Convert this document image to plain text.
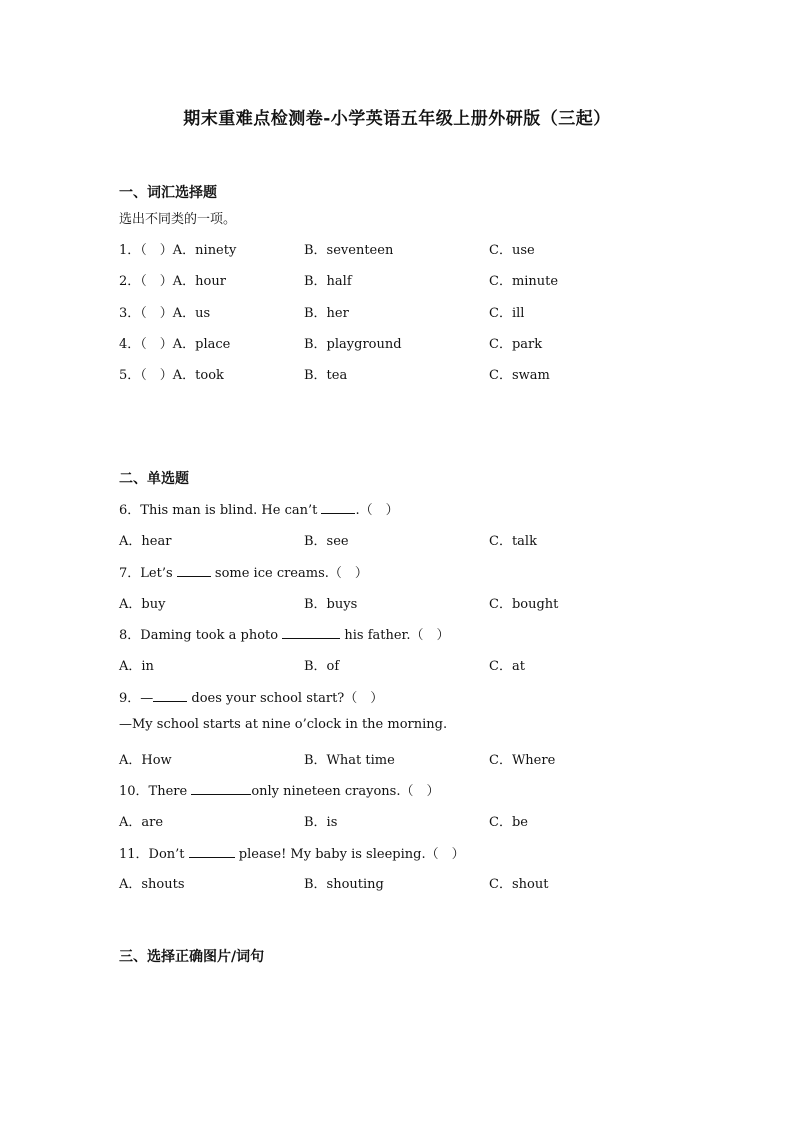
期末重难点检测卷-小学英语五年级上册外研版（三起）
一、词汇选择题
选出不同类的一项。
1．（　）A．ninety	B．seventeen	C．use
2．（　）A．hour	B．half	C．minute
3．（　）A．us	B．her	C．ill
4．（　）A．place	B．playground	C．park
5．（　）A．took	B．tea	C．swam
二、单选题
6．This man is blind. He can’t	.（　）
A．hear	B．see	C．talk
7．Let’s	some ice creams.（　）
A．buy	B．buys	C．bought
8．Daming took a photo	his father.（　）
A．in	B．of	C．at
9．—	does your school start?（　）
—My school starts at nine o’clock in the morning.
A．How	B．What time	C．Where
10．There	only nineteen crayons.（　）
A．are	B．is	C．be
11．Don’t	please! My baby is sleeping.（　）
A．shouts	B．shouting	C．shout
三、选择正确图片/词句
